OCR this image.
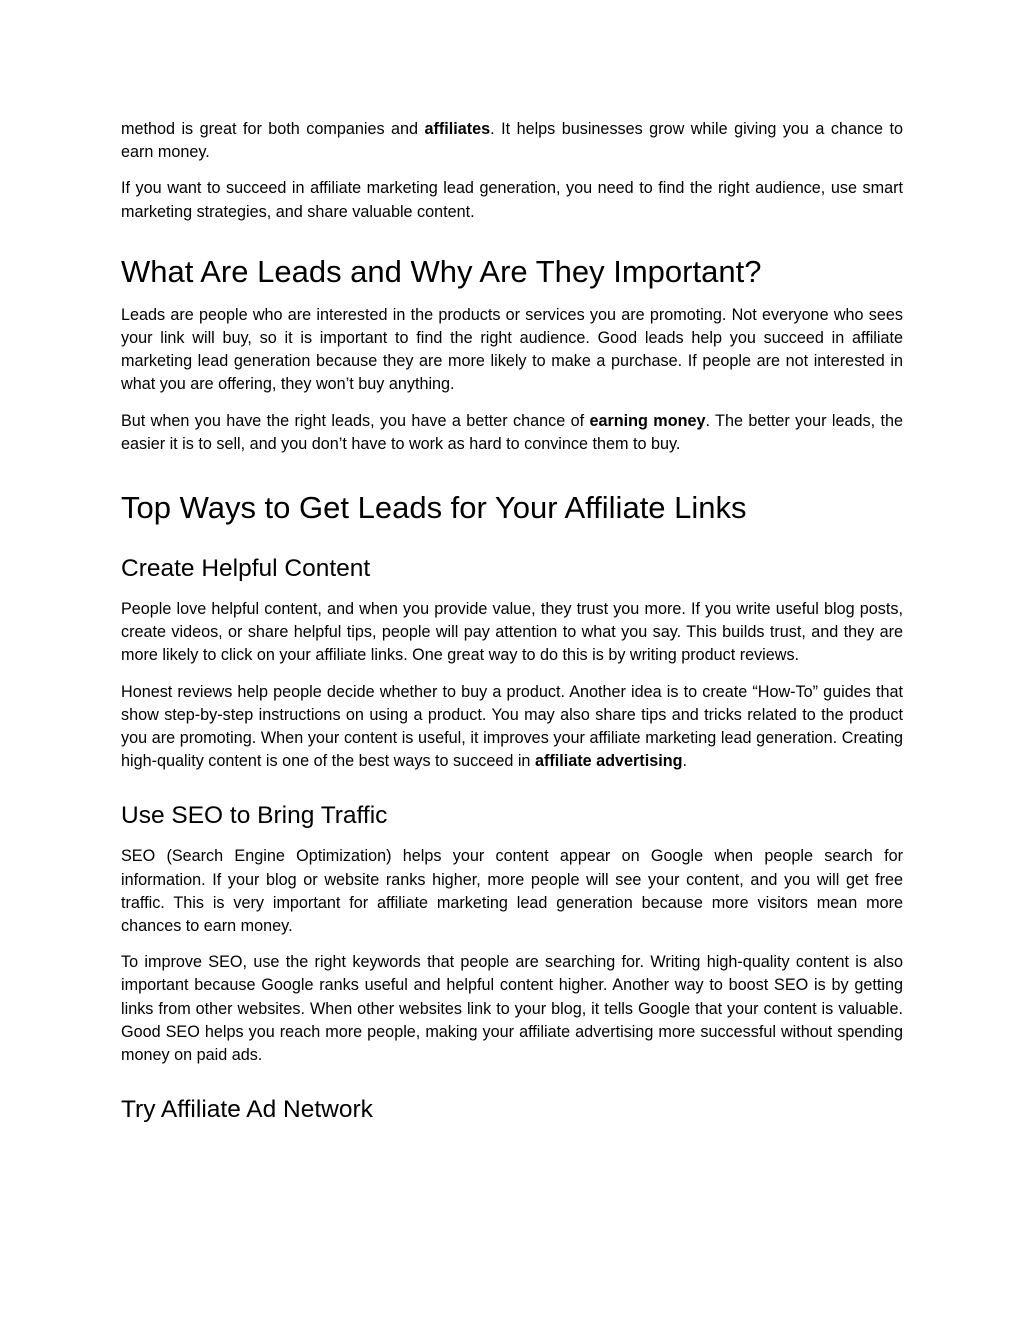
method is great for both companies and affiliates. It helps businesses grow while giving you a chance to earn money.

If you want to succeed in affiliate marketing lead generation, you need to find the right audience, use smart marketing strategies, and share valuable content.

What Are Leads and Why Are They Important?

Leads are people who are interested in the products or services you are promoting. Not everyone who sees your link will buy, so it is important to find the right audience. Good leads help you succeed in affiliate marketing lead generation because they are more likely to make a purchase. If people are not interested in what you are offering, they won’t buy anything.

But when you have the right leads, you have a better chance of earning money. The better your leads, the easier it is to sell, and you don’t have to work as hard to convince them to buy.

Top Ways to Get Leads for Your Affiliate Links
Create Helpful Content

People love helpful content, and when you provide value, they trust you more. If you write useful blog posts, create videos, or share helpful tips, people will pay attention to what you say. This builds trust, and they are more likely to click on your affiliate links. One great way to do this is by writing product reviews.

Honest reviews help people decide whether to buy a product. Another idea is to create “How-To” guides that show step-by-step instructions on using a product. You may also share tips and tricks related to the product you are promoting. When your content is useful, it improves your affiliate marketing lead generation. Creating high-quality content is one of the best ways to succeed in affiliate advertising.

Use SEO to Bring Traffic

SEO (Search Engine Optimization) helps your content appear on Google when people search for information. If your blog or website ranks higher, more people will see your content, and you will get free traffic. This is very important for affiliate marketing lead generation because more visitors mean more chances to earn money.

To improve SEO, use the right keywords that people are searching for. Writing high-quality content is also important because Google ranks useful and helpful content higher. Another way to boost SEO is by getting links from other websites. When other websites link to your blog, it tells Google that your content is valuable. Good SEO helps you reach more people, making your affiliate advertising more successful without spending money on paid ads.

Try Affiliate Ad Network
